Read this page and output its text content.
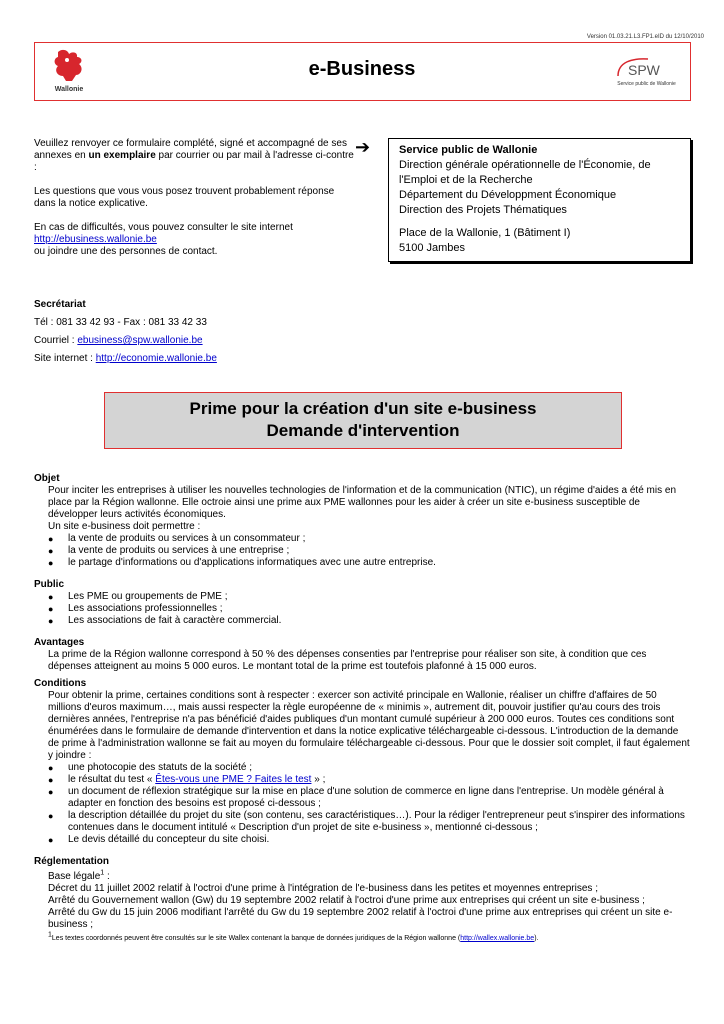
Version 01.03.21.L3.FP1.eID du 12/10/2010
Wallonie
e-Business	SPW
Service public de Wallonie

Veuillez renvoyer ce formulaire complété, signé et accompagné de ses annexes en un exemplaire par courrier ou par mail à l'adresse ci-contre :

Les questions que vous vous posez trouvent probablement réponse dans la notice explicative.

En cas de difficultés, vous pouvez consulter le site internet
http://ebusiness.wallonie.be
ou joindre une des personnes de contact.

➔	Service public de Wallonie
Direction générale opérationnelle de l'Économie, de l'Emploi et de la Recherche
Département du Développment Économique
Direction des Projets Thématiques
Place de la Wallonie, 1 (Bâtiment I)
5100 Jambes
Secrétariat
Tél : 081 33 42 93 - Fax : 081 33 42 33
Courriel : ebusiness@spw.wallonie.be
Site internet : http://economie.wallonie.be
Prime pour la création d'un site e-business
Demande d'intervention
Objet
Pour inciter les entreprises à utiliser les nouvelles technologies de l'information et de la communication (NTIC), un régime d'aides a été mis en place par la Région wallonne. Elle octroie ainsi une prime aux PME wallonnes pour les aider à créer un site e-business susceptible de développer leurs activités économiques.
Un site e-business doit permettre :
● la vente de produits ou services à un consommateur ;
● la vente de produits ou services à une entreprise ;
● le partage d'informations ou d'applications informatiques avec une autre entreprise.
Public
● Les PME ou groupements de PME ;
● Les associations professionnelles ;
● Les associations de fait à caractère commercial.
Avantages
La prime de la Région wallonne correspond à 50 % des dépenses consenties par l'entreprise pour réaliser son site, à condition que ces dépenses atteignent au moins 5 000 euros. Le montant total de la prime est toutefois plafonné à 15 000 euros.
Conditions
Pour obtenir la prime, certaines conditions sont à respecter : exercer son activité principale en Wallonie, réaliser un chiffre d'affaires de 50 millions d'euros maximum…, mais aussi respecter la règle européenne de « minimis », autrement dit, pouvoir justifier qu'au cours des trois dernières années, l'entreprise n'a pas bénéficié d'aides publiques d'un montant cumulé supérieur à 200 000 euros. Toutes ces conditions sont énumérées dans le formulaire de demande d'intervention et dans la notice explicative téléchargeable ci-dessous. L'introduction de la demande de prime à l'administration wallonne se fait au moyen du formulaire téléchargeable ci-dessous. Pour que le dossier soit complet, il faut également y joindre :
● une photocopie des statuts de la société ;
● le résultat du test « Êtes-vous une PME ? Faites le test » ;
● un document de réflexion stratégique sur la mise en place d'une solution de commerce en ligne dans l'entreprise. Un modèle général à adapter en fonction des besoins est proposé ci-dessous ;
● la description détaillée du projet du site (son contenu, ses caractéristiques…). Pour la rédiger l'entrepreneur peut s'inspirer des informations contenues dans le document intitulé « Description d'un projet de site e-business », mentionné ci-dessous ;
● Le devis détaillé du concepteur du site choisi.
Réglementation
Base légale$^1$ :
Décret du 11 juillet 2002 relatif à l'octroi d'une prime à l'intégration de l'e-business dans les petites et moyennes entreprises ;
Arrêté du Gouvernement wallon (Gw) du 19 septembre 2002 relatif à l'octroi d'une prime aux entreprises qui créent un site e-business ;
Arrêté du Gw du 15 juin 2006 modifiant l'arrêté du Gw du 19 septembre 2002 relatif à l'octroi d'une prime aux entreprises qui créent un site e-business ;
$^1$Les textes coordonnés peuvent être consultés sur le site Wallex contenant la banque de données juridiques de la Région wallonne (http://wallex.wallonie.be).
